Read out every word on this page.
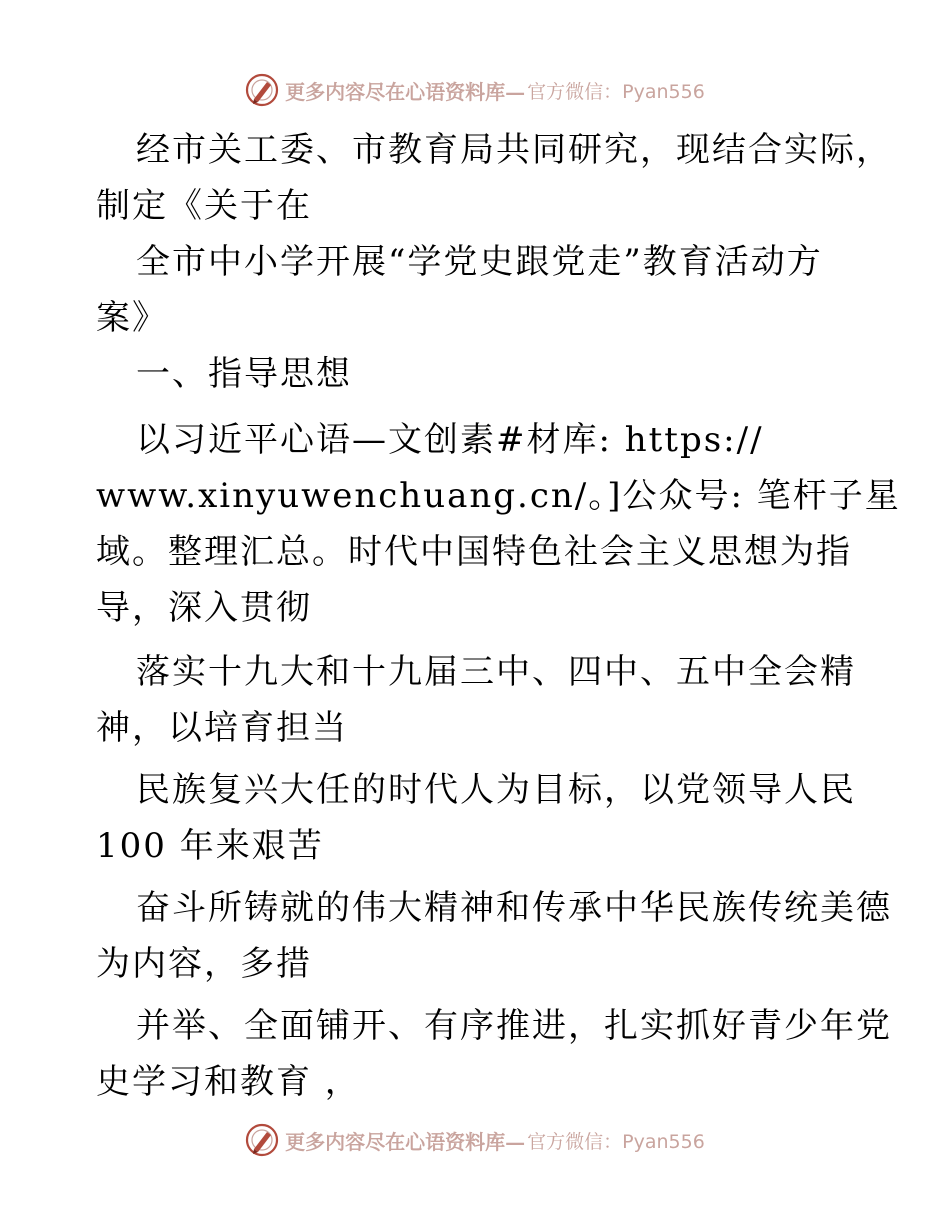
更多内容尽在心语资料库— 官方微信：Pyan556
经市关工委、市教育局共同研究，现结合实际，
制定《关于在
全市中小学开展“学党史跟党走”教育活动方
案》
一、指导思想
以习近平心语—文创素#材库: https://
www.xinyuwenchuang.cn/。]公众号: 笔杆子星
域。整理汇总。时代中国特色社会主义思想为指
导，深入贯彻
落实十九大和十九届三中、四中、五中全会精
神，以培育担当
民族复兴大任的时代人为目标，以党领导人民
100 年来艰苦
奋斗所铸就的伟大精神和传承中华民族传统美德
为内容，多措
并举、全面铺开、有序推进，扎实抓好青少年党
史学习和教育 ，
更多内容尽在心语资料库— 官方微信：Pyan556
